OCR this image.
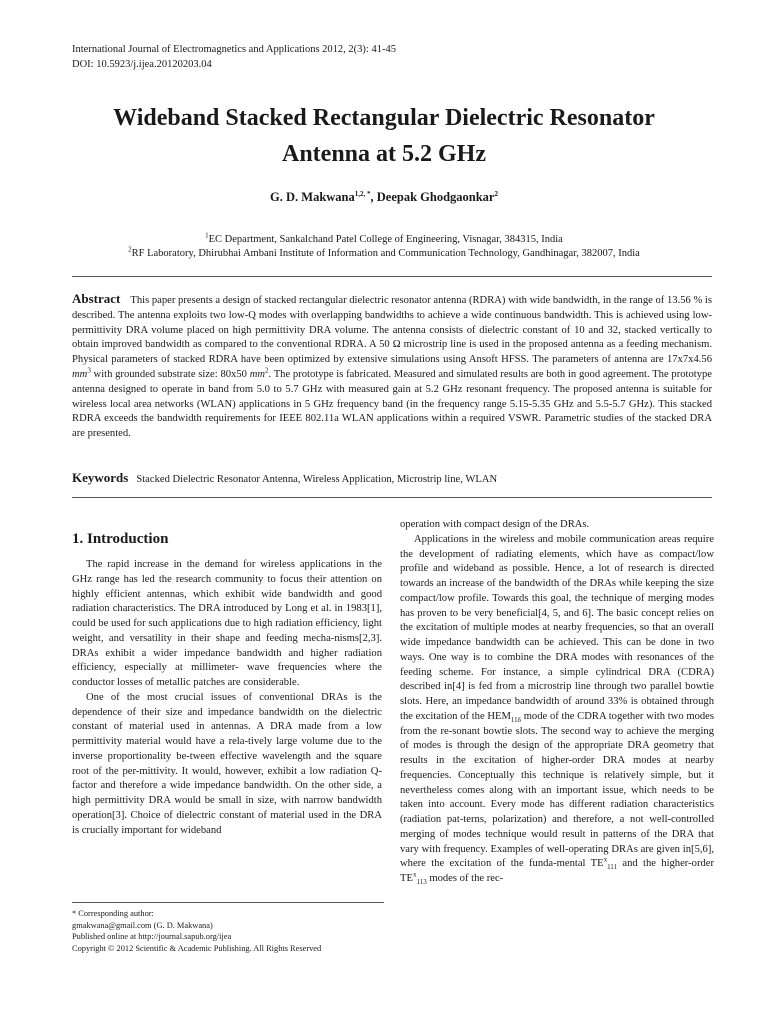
International Journal of Electromagnetics and Applications 2012, 2(3): 41-45
DOI: 10.5923/j.ijea.20120203.04
Wideband Stacked Rectangular Dielectric Resonator
Antenna at 5.2 GHz
G. D. Makwana$^{1,2, *}$, Deepak Ghodgaonkar$^2$
$^1$EC Department, Sankalchand Patel College of Engineering, Visnagar, 384315, India
$^2$RF Laboratory, Dhirubhai Ambani Institute of Information and Communication Technology, Gandhinagar, 382007, India
Abstract This paper presents a design of stacked rectangular dielectric resonator antenna (RDRA) with wide bandwidth, in the range of 13.56 % is described. The antenna exploits two low-Q modes with overlapping bandwidths to achieve a wide continuous bandwidth. This is achieved using low-permittivity DRA volume placed on high permittivity DRA volume. The antenna consists of dielectric constant of 10 and 32, stacked vertically to obtain improved bandwidth as compared to the conventional RDRA. A 50 Ω microstrip line is used in the proposed antenna as a feeding mechanism. Physical parameters of stacked RDRA have been optimized by extensive simulations using Ansoft HFSS. The parameters of antenna are 17x7x4.56 $mm^3$ with grounded substrate size: 80x50 $mm^2$. The prototype is fabricated. Measured and simulated results are both in good agreement. The prototype antenna designed to operate in band from 5.0 to 5.7 GHz with measured gain at 5.2 GHz resonant frequency. The proposed antenna is suitable for wireless local area networks (WLAN) applications in 5 GHz frequency band (in the frequency range 5.15-5.35 GHz and 5.5-5.7 GHz). This stacked RDRA exceeds the bandwidth requirements for IEEE 802.11a WLAN applications within a required VSWR. Parametric studies of the stacked DRA are presented.
Keywords Stacked Dielectric Resonator Antenna, Wireless Application, Microstrip line, WLAN
1. Introduction

The rapid increase in the demand for wireless applications in the GHz range has led the research community to focus their attention on highly efficient antennas, which exhibit wide bandwidth and good radiation characteristics. The DRA introduced by Long et al. in 1983[1], could be used for such applications due to high radiation efficiency, light weight, and versatility in their shape and feeding mecha-nisms[2,3]. DRAs exhibit a wider impedance bandwidth and higher radiation efficiency, especially at millimeter- wave frequencies where the conductor losses of metallic patches are considerable.

One of the most crucial issues of conventional DRAs is the dependence of their size and impedance bandwidth on the dielectric constant of material used in antennas. A DRA made from a low permittivity material would have a rela-tively large volume due to the inverse proportionality be-tween effective wavelength and the square root of the per-mittivity. It would, however, exhibit a low radiation Q-factor and therefore a wide impedance bandwidth. On the other side, a high permittivity DRA would be small in size, with narrow bandwidth operation[3]. Choice of dielectric constant of material used in the DRA is crucially important for wideband

operation with compact design of the DRAs.

Applications in the wireless and mobile communication areas require the development of radiating elements, which have as compact/low profile and wideband as possible. Hence, a lot of research is directed towards an increase of the bandwidth of the DRAs while keeping the size compact/low profile. Towards this goal, the technique of merging modes has proven to be very beneficial[4, 5, and 6]. The basic concept relies on the excitation of multiple modes at nearby frequencies, so that an overall wide impedance bandwidth can be achieved. This can be done in two ways. One way is to combine the DRA modes with resonances of the feeding scheme. For instance, a simple cylindrical DRA (CDRA) described in[4] is fed from a microstrip line through two parallel bowtie slots. Here, an impedance bandwidth of around 33% is obtained through the excitation of the $HEM_{11\delta}$ mode of the CDRA together with two modes from the re-sonant bowtie slots. The second way to achieve the merging of modes is through the design of the appropriate DRA geometry that results in the excitation of higher-order DRA modes at nearby frequencies. Conceptually this technique is relatively simple, but it nevertheless comes along with an important issue, which needs to be taken into account. Every mode has different radiation characteristics (radiation pat-terns, polarization) and therefore, a not well-controlled merging of modes technique would result in patterns of the DRA that vary with frequency. Examples of well-operating DRAs are given in[5,6], where the excitation of the funda-mental $TE^x_{111}$ and the higher-order $TE^x_{113}$ modes of the rec-

* Corresponding author:
gmakwana@gmail.com (G. D. Makwana)
Published online at http://journal.sapub.org/ijea
Copyright © 2012 Scientific & Academic Publishing. All Rights Reserved
